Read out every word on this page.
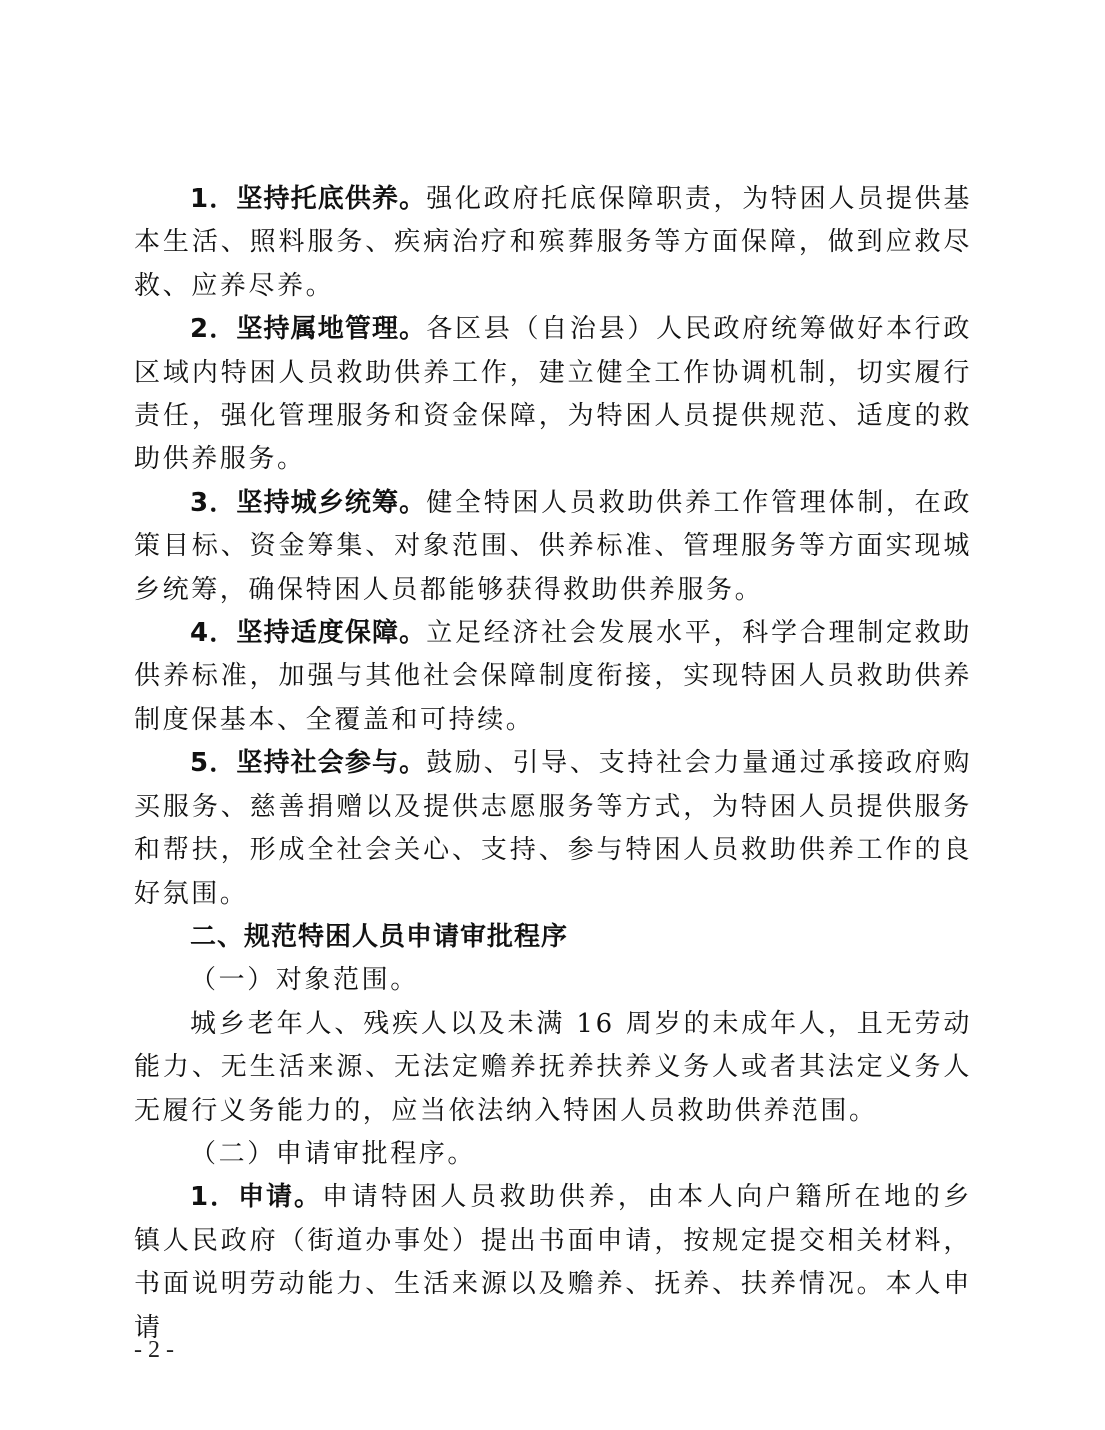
1．坚持托底供养。强化政府托底保障职责，为特困人员提供基本生活、照料服务、疾病治疗和殡葬服务等方面保障，做到应救尽救、应养尽养。

2．坚持属地管理。各区县（自治县）人民政府统筹做好本行政区域内特困人员救助供养工作，建立健全工作协调机制，切实履行责任，强化管理服务和资金保障，为特困人员提供规范、适度的救助供养服务。

3．坚持城乡统筹。健全特困人员救助供养工作管理体制，在政策目标、资金筹集、对象范围、供养标准、管理服务等方面实现城乡统筹，确保特困人员都能够获得救助供养服务。

4．坚持适度保障。立足经济社会发展水平，科学合理制定救助供养标准，加强与其他社会保障制度衔接，实现特困人员救助供养制度保基本、全覆盖和可持续。

5．坚持社会参与。鼓励、引导、支持社会力量通过承接政府购买服务、慈善捐赠以及提供志愿服务等方式，为特困人员提供服务和帮扶，形成全社会关心、支持、参与特困人员救助供养工作的良好氛围。

二、规范特困人员申请审批程序

（一）对象范围。

城乡老年人、残疾人以及未满 16 周岁的未成年人，且无劳动能力、无生活来源、无法定赡养抚养扶养义务人或者其法定义务人无履行义务能力的，应当依法纳入特困人员救助供养范围。

（二）申请审批程序。

1．申请。申请特困人员救助供养，由本人向户籍所在地的乡镇人民政府（街道办事处）提出书面申请，按规定提交相关材料，书面说明劳动能力、生活来源以及赡养、抚养、扶养情况。本人申请

- 2 -
